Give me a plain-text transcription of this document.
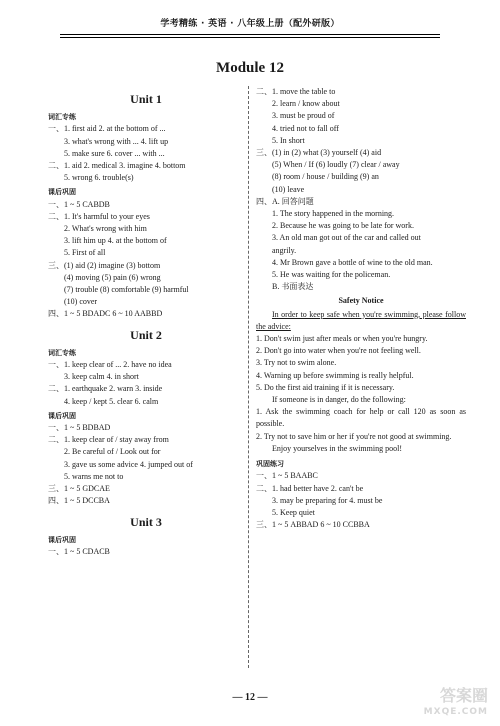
学考精练 · 英语 · 八年级上册（配外研版）
Module 12
Unit 1
词汇专练
一、1. first aid 2. at the bottom of ...
3. what's wrong with ... 4. lift up
5. make sure 6. cover ... with ...
二、1. aid 2. medical 3. imagine 4. bottom
5. wrong 6. trouble(s)
课后巩固
一、1 ~ 5 CABDB
二、1. It's harmful to your eyes
2. What's wrong with him
3. lift him up 4. at the bottom of
5. First of all
三、(1) aid (2) imagine (3) bottom
(4) moving (5) pain (6) wrong
(7) trouble (8) comfortable (9) harmful
(10) cover
四、1 ~ 5 BDADC 6 ~ 10 AABBD
Unit 2
词汇专练
一、1. keep clear of ... 2. have no idea
3. keep calm 4. in short
二、1. earthquake 2. warn 3. inside
4. keep / kept 5. clear 6. calm
课后巩固
一、1 ~ 5 BDBAD
二、1. keep clear of / stay away from
2. Be careful of / Look out for
3. gave us some advice 4. jumped out of
5. warns me not to
三、1 ~ 5 GDCAE
四、1 ~ 5 DCCBA
Unit 3
课后巩固
一、1 ~ 5 CDACB
二、1. move the table to
2. learn / know about
3. must be proud of
4. tried not to fall off
5. In short
三、(1) in (2) what (3) yourself (4) aid
(5) When / If (6) loudly (7) clear / away
(8) room / house / building (9) an
(10) leave
四、A. 回答问题
1. The story happened in the morning.
2. Because he was going to be late for work.
3. An old man got out of the car and called out
angrily.
4. Mr Brown gave a bottle of wine to the old man.
5. He was waiting for the policeman.
B. 书面表达
Safety Notice
In order to keep safe when you're swimming, please follow the advice:
1. Don't swim just after meals or when you're hungry.
2. Don't go into water when you're not feeling well.
3. Try not to swim alone.
4. Warning up before swimming is really helpful.
5. Do the first aid training if it is necessary.
If someone is in danger, do the following:
1. Ask the swimming coach for help or call 120 as soon as possible.
2. Try not to save him or her if you're not good at swimming.
Enjoy yourselves in the swimming pool!
巩固练习
一、1 ~ 5 BAABC
二、1. had better have 2. can't be
3. may be preparing for 4. must be
5. Keep quiet
三、1 ~ 5 ABBAD 6 ~ 10 CCBBA
— 12 —	答案圈
MXQE.COM
